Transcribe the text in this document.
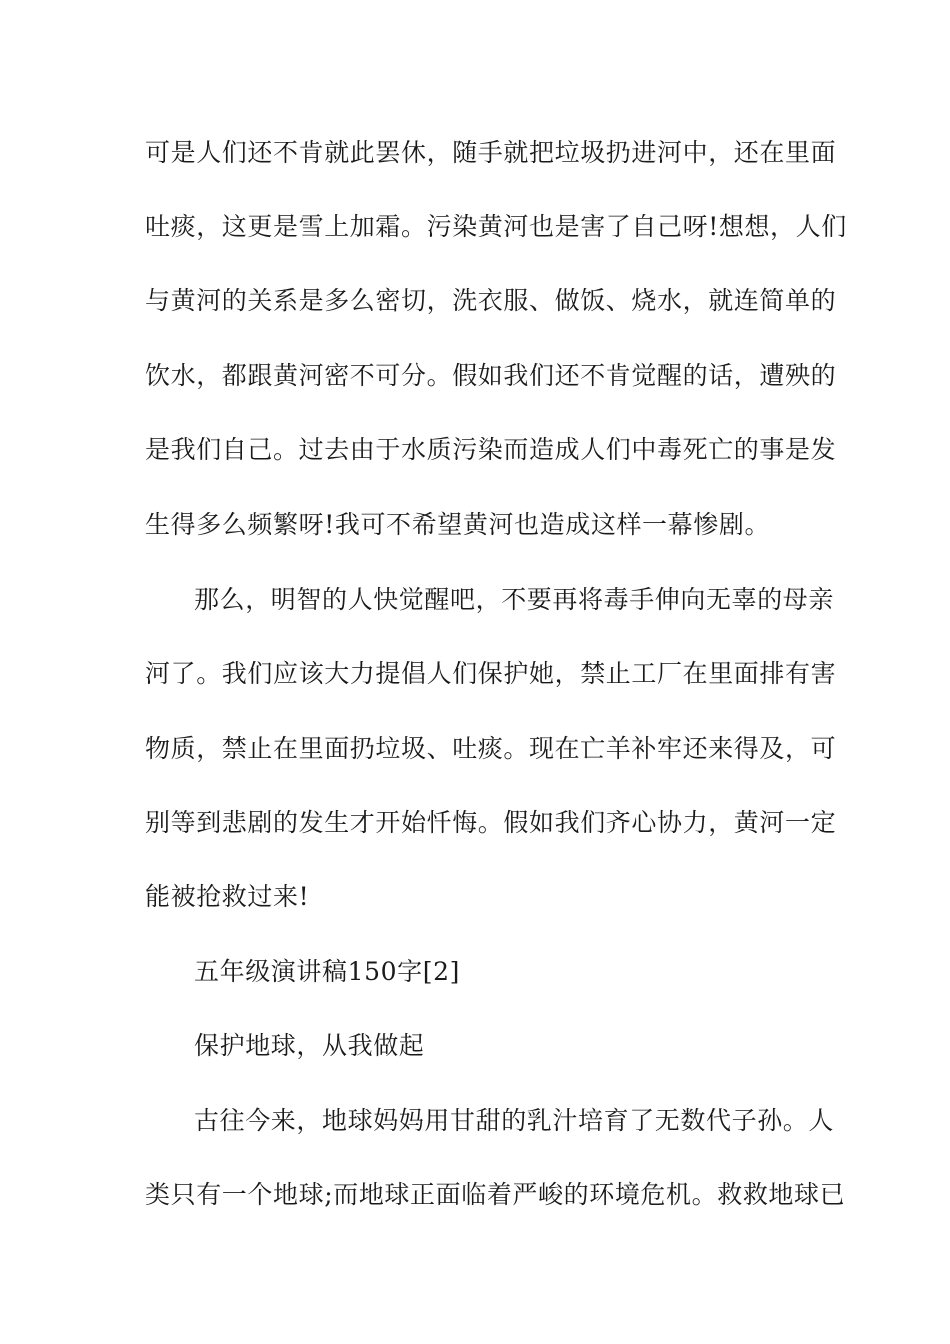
可是人们还不肯就此罢休，随手就把垃圾扔进河中，还在里面
吐痰，这更是雪上加霜。污染黄河也是害了自己呀!想想，人们
与黄河的关系是多么密切，洗衣服、做饭、烧水，就连简单的
饮水，都跟黄河密不可分。假如我们还不肯觉醒的话，遭殃的
是我们自己。过去由于水质污染而造成人们中毒死亡的事是发
生得多么频繁呀!我可不希望黄河也造成这样一幕惨剧。
那么，明智的人快觉醒吧，不要再将毒手伸向无辜的母亲
河了。我们应该大力提倡人们保护她，禁止工厂在里面排有害
物质，禁止在里面扔垃圾、吐痰。现在亡羊补牢还来得及，可
别等到悲剧的发生才开始忏悔。假如我们齐心协力，黄河一定
能被抢救过来!
五年级演讲稿150字[2]
保护地球，从我做起
古往今来，地球妈妈用甘甜的乳汁培育了无数代子孙。人
类只有一个地球;而地球正面临着严峻的环境危机。救救地球已
